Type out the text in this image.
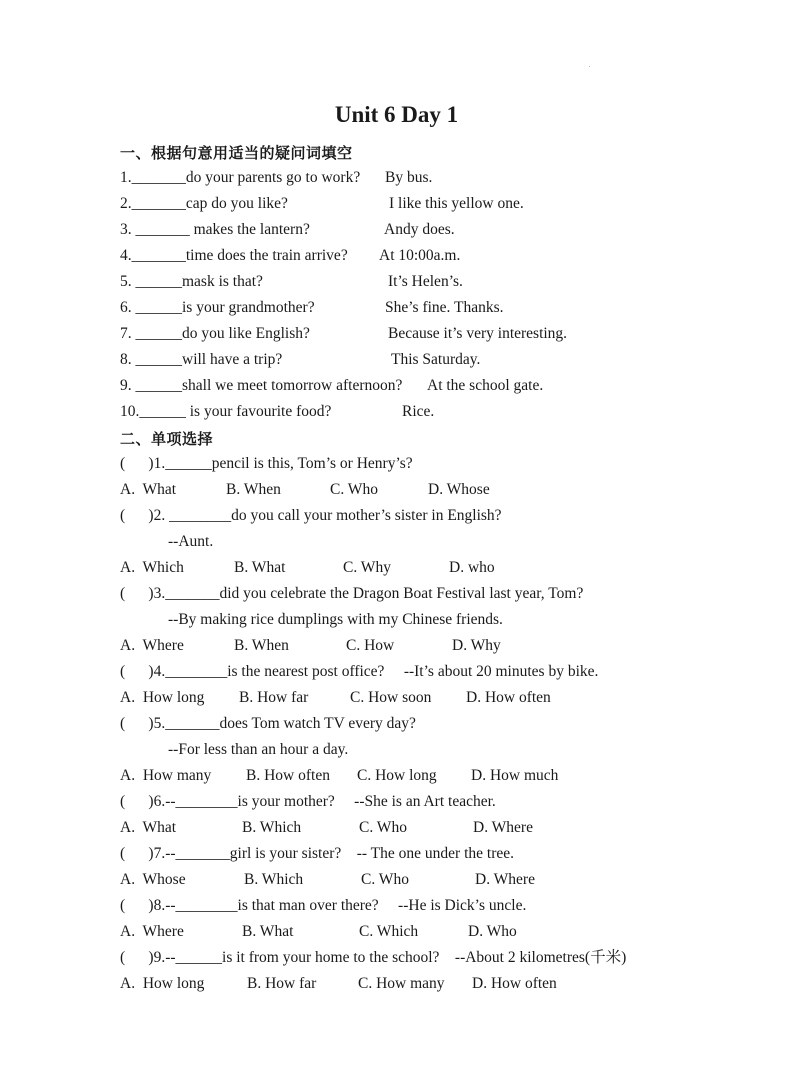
Unit 6 Day 1
一、根据句意用适当的疑问词填空
1._______do your parents go to work? By bus.
2._______cap do you like?	I like this yellow one.
3. _______ makes the lantern?	Andy does.
4._______time does the train arrive? At 10:00a.m.
5. ______mask is that?	It’s Helen’s.
6. ______is your grandmother?	She’s fine. Thanks.
7. ______do you like English?	Because it’s very interesting.
8. ______will have a trip?	This Saturday.
9. ______shall we meet tomorrow afternoon? At the school gate.
10.______ is your favourite food?	Rice.
二、单项选择
(      )1.______pencil is this, Tom’s or Henry’s?
A.  What	B. When	C. Who	D. Whose
(      )2. ________do you call your mother’s sister in English?
--Aunt.
A.  Which	B. What	C. Why	D. who
(      )3._______did you celebrate the Dragon Boat Festival last year, Tom?
--By making rice dumplings with my Chinese friends.
A.  Where	B. When	C. How	D. Why
(      )4.________is the nearest post office?     --It’s about 20 minutes by bike.
A.  How long B. How far	C. How soon D. How often
(      )5._______does Tom watch TV every day?
--For less than an hour a day.
A.  How many B. How often C. How long D. How much
(      )6.--________is your mother?     --She is an Art teacher.
A.  What	B. Which	C. Who	D. Where
(      )7.--_______girl is your sister?    -- The one under the tree.
A.  Whose	B. Which	C. Who	D. Where
(      )8.--________is that man over there?     --He is Dick’s uncle.
A.  Where	B. What	C. Which	D. Who
(      )9.--______is it from your home to the school?    --About 2 kilometres(千米)
A.  How long	B. How far	C. How many D. How often
